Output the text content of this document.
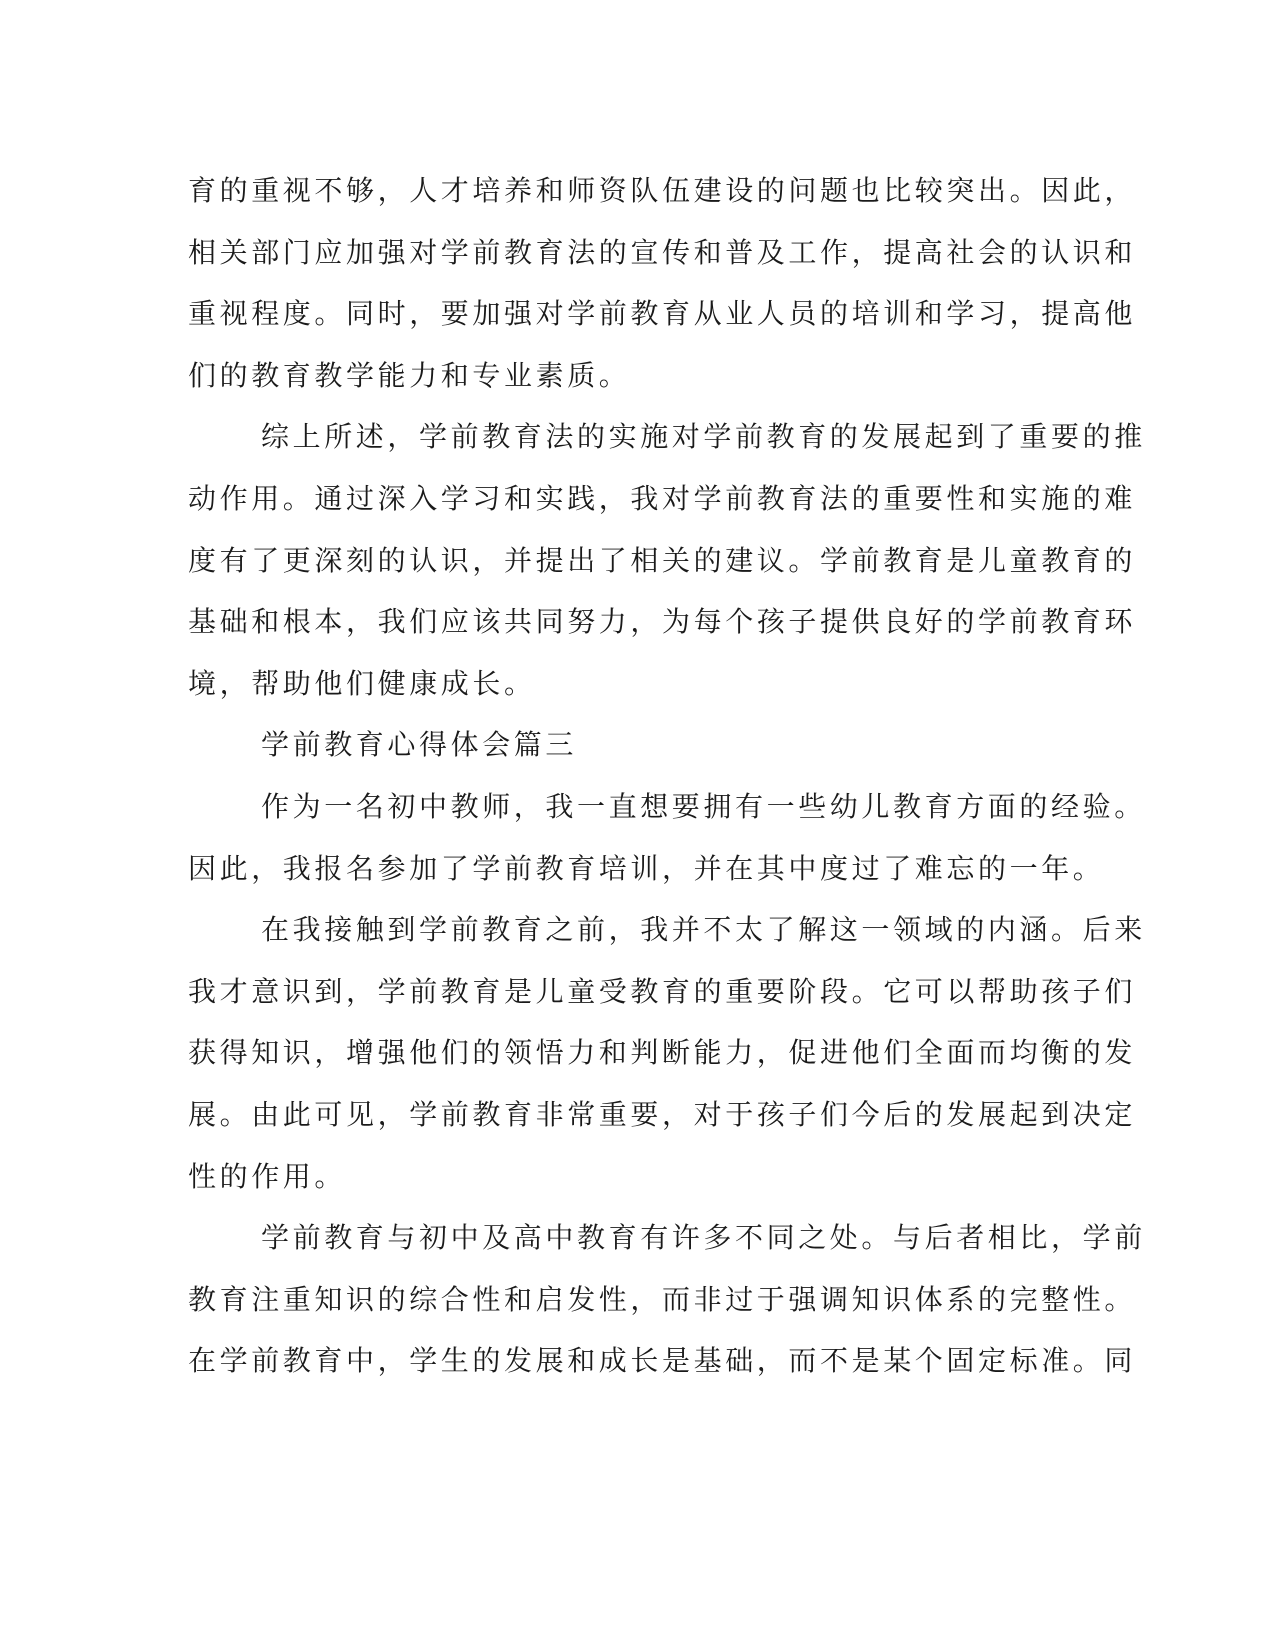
育的重视不够，人才培养和师资队伍建设的问题也比较突出。因此，
相关部门应加强对学前教育法的宣传和普及工作，提高社会的认识和
重视程度。同时，要加强对学前教育从业人员的培训和学习，提高他
们的教育教学能力和专业素质。
综上所述，学前教育法的实施对学前教育的发展起到了重要的推
动作用。通过深入学习和实践，我对学前教育法的重要性和实施的难
度有了更深刻的认识，并提出了相关的建议。学前教育是儿童教育的
基础和根本，我们应该共同努力，为每个孩子提供良好的学前教育环
境，帮助他们健康成长。
学前教育心得体会篇三
作为一名初中教师，我一直想要拥有一些幼儿教育方面的经验。
因此，我报名参加了学前教育培训，并在其中度过了难忘的一年。
在我接触到学前教育之前，我并不太了解这一领域的内涵。后来
我才意识到，学前教育是儿童受教育的重要阶段。它可以帮助孩子们
获得知识，增强他们的领悟力和判断能力，促进他们全面而均衡的发
展。由此可见，学前教育非常重要，对于孩子们今后的发展起到决定
性的作用。
学前教育与初中及高中教育有许多不同之处。与后者相比，学前
教育注重知识的综合性和启发性，而非过于强调知识体系的完整性。
在学前教育中，学生的发展和成长是基础，而不是某个固定标准。同
